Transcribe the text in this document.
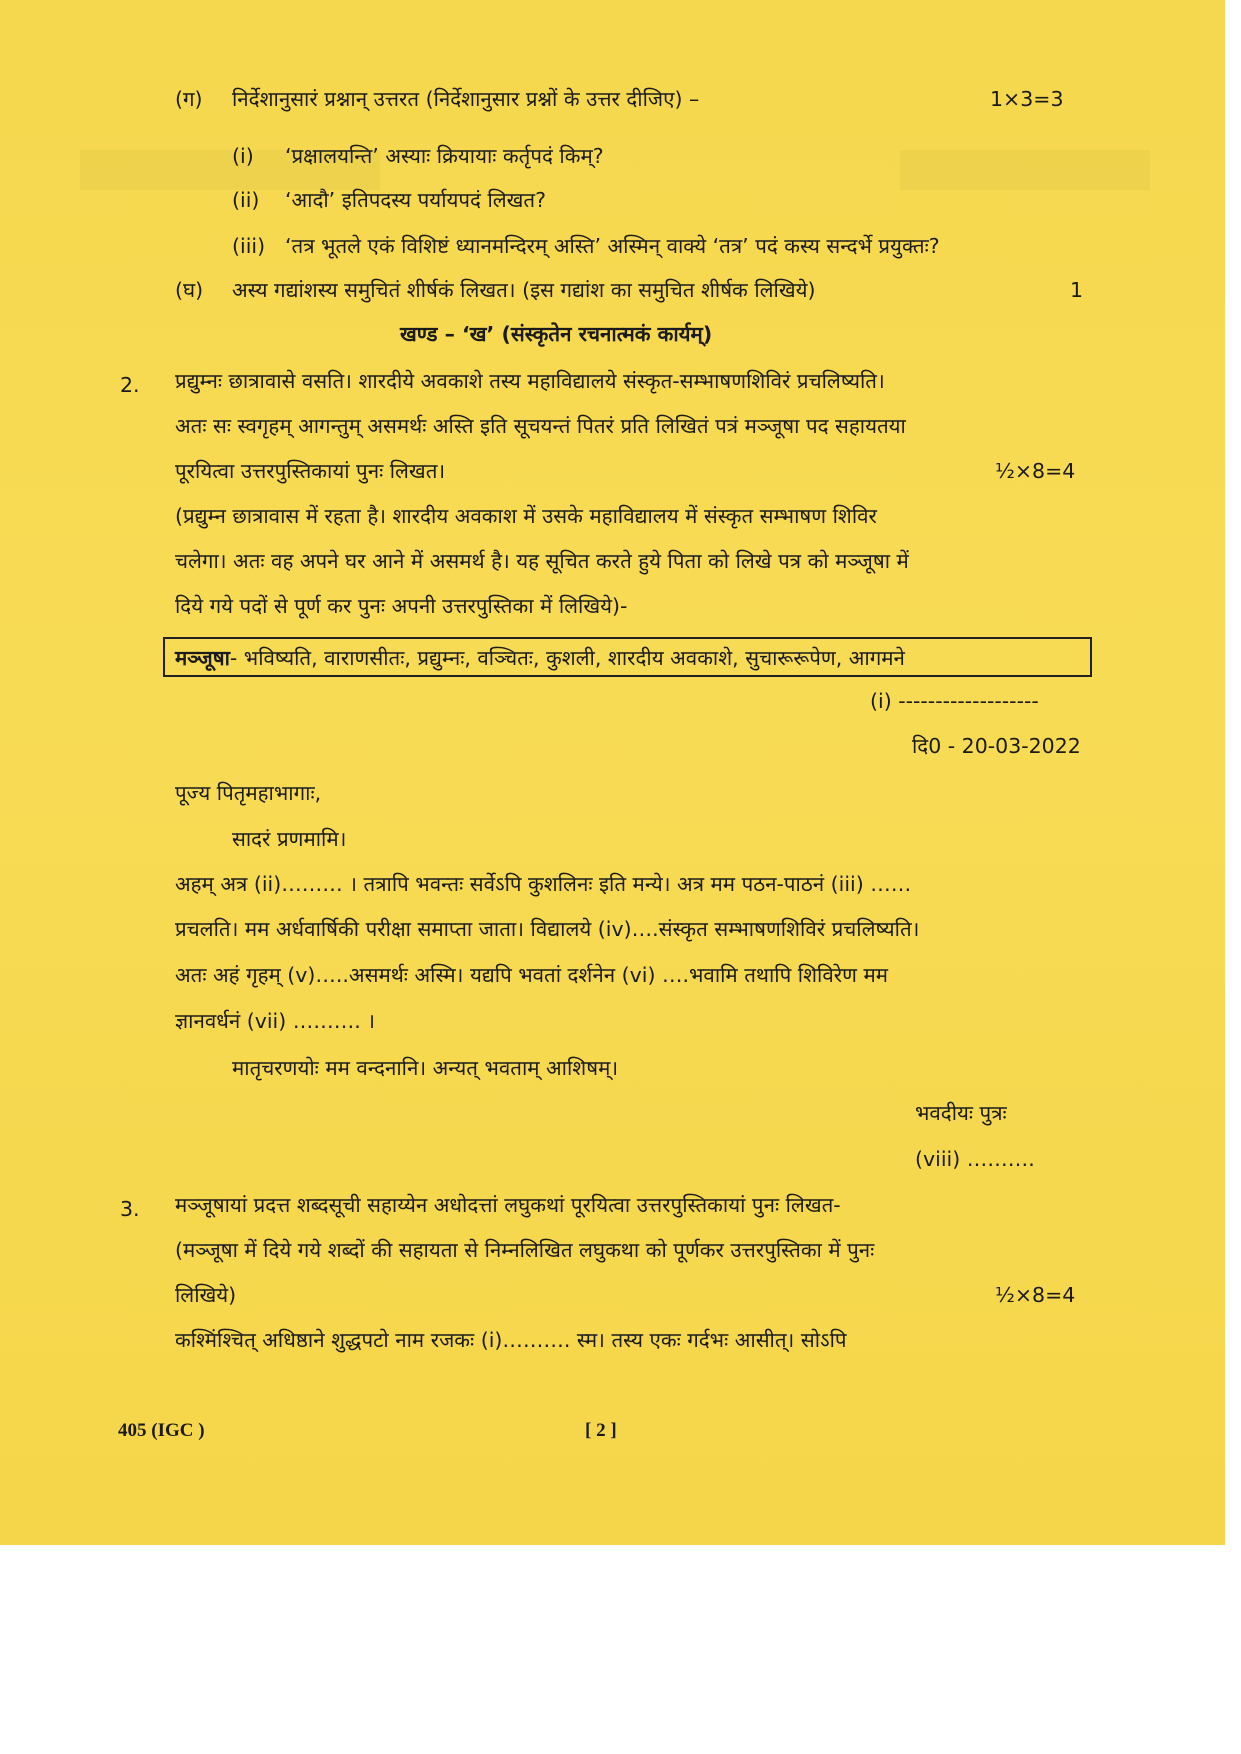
(ग) निर्देशानुसारं प्रश्नान् उत्तरत (निर्देशानुसार प्रश्नों के उत्तर दीजिए) –	1×3=3
(i) ‘प्रक्षालयन्ति’ अस्याः क्रियायाः कर्तृपदं किम्?
(ii) ‘आदौ’ इतिपदस्य पर्यायपदं लिखत?
(iii) ‘तत्र भूतले एकं विशिष्टं ध्यानमन्दिरम् अस्ति’ अस्मिन् वाक्ये ‘तत्र’ पदं कस्य सन्दर्भे प्रयुक्तः?
(घ) अस्य गद्यांशस्य समुचितं शीर्षकं लिखत। (इस गद्यांश का समुचित शीर्षक लिखिये)	1
खण्ड – ‘ख’ (संस्कृतेन रचनात्मकं कार्यम्)
2. प्रद्युम्नः छात्रावासे वसति। शारदीये अवकाशे तस्य महाविद्यालये संस्कृत-सम्भाषणशिविरं प्रचलिष्यति।
अतः सः स्वगृहम् आगन्तुम् असमर्थः अस्ति इति सूचयन्तं पितरं प्रति लिखितं पत्रं मञ्जूषा पद सहायतया
पूरयित्वा उत्तरपुस्तिकायां पुनः लिखत।	½×8=4
(प्रद्युम्न छात्रावास में रहता है। शारदीय अवकाश में उसके महाविद्यालय में संस्कृत सम्भाषण शिविर
चलेगा। अतः वह अपने घर आने में असमर्थ है। यह सूचित करते हुये पिता को लिखे पत्र को मञ्जूषा में
दिये गये पदों से पूर्ण कर पुनः अपनी उत्तरपुस्तिका में लिखिये)-
मञ्जूषा- भविष्यति, वाराणसीतः, प्रद्युम्नः, वञ्चितः, कुशली, शारदीय अवकाशे, सुचारूरूपेण, आगमने
(i) -------------------
दि0 - 20-03-2022
पूज्य पितृमहाभागाः,
सादरं प्रणमामि।
अहम् अत्र (ii)……… । तत्रापि भवन्तः सर्वेऽपि कुशलिनः इति मन्ये। अत्र मम पठन-पाठनं (iii) ……
प्रचलति। मम अर्धवार्षिकी परीक्षा समाप्ता जाता। विद्यालये (iv)….संस्कृत सम्भाषणशिविरं प्रचलिष्यति।
अतः अहं गृहम् (v)…..असमर्थः अस्मि। यद्यपि भवतां दर्शनेन (vi) ….भवामि तथापि शिविरेण मम
ज्ञानवर्धनं (vii) ………. ।
मातृचरणयोः मम वन्दनानि। अन्यत् भवताम् आशिषम्।
भवदीयः पुत्रः
(viii) ……….
3. मञ्जूषायां प्रदत्त शब्दसूची सहाय्येन अधोदत्तां लघुकथां पूरयित्वा उत्तरपुस्तिकायां पुनः लिखत-
(मञ्जूषा में दिये गये शब्दों की सहायता से निम्नलिखित लघुकथा को पूर्णकर उत्तरपुस्तिका में पुनः
लिखिये)	½×8=4
कश्मिंश्चित् अधिष्ठाने शुद्धपटो नाम रजकः (i)………. स्म। तस्य एकः गर्दभः आसीत्। सोऽपि
405 (IGC )	[ 2 ]
